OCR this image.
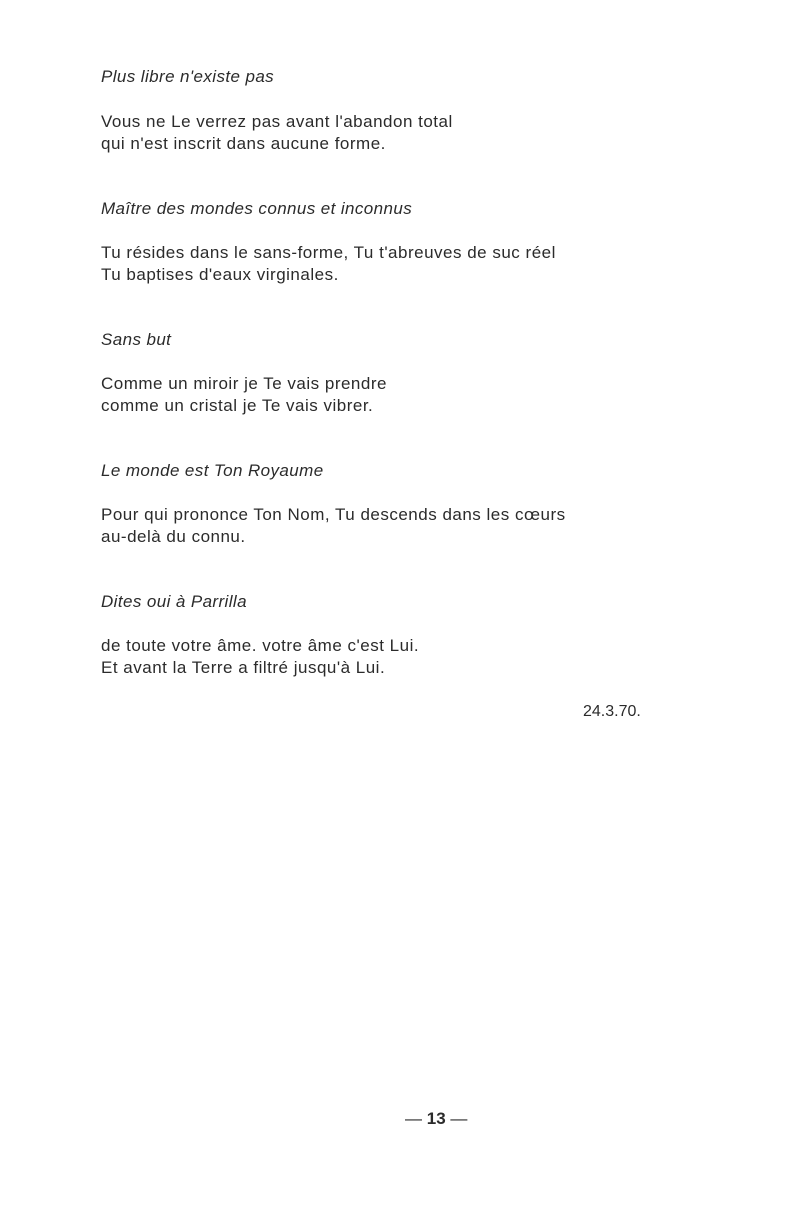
Plus libre n'existe pas

Vous ne Le verrez pas avant l'abandon total
qui n'est inscrit dans aucune forme.

Maître des mondes connus et inconnus

Tu résides dans le sans-forme, Tu t'abreuves de suc réel
Tu baptises d'eaux virginales.

Sans but

Comme un miroir je Te vais prendre
comme un cristal je Te vais vibrer.

Le monde est Ton Royaume

Pour qui prononce Ton Nom, Tu descends dans les cœurs
au-delà du connu.

Dites oui à Parrilla

de toute votre âme. votre âme c'est Lui.
Et avant la Terre a filtré jusqu'à Lui.
24.3.70.
— 13 —
